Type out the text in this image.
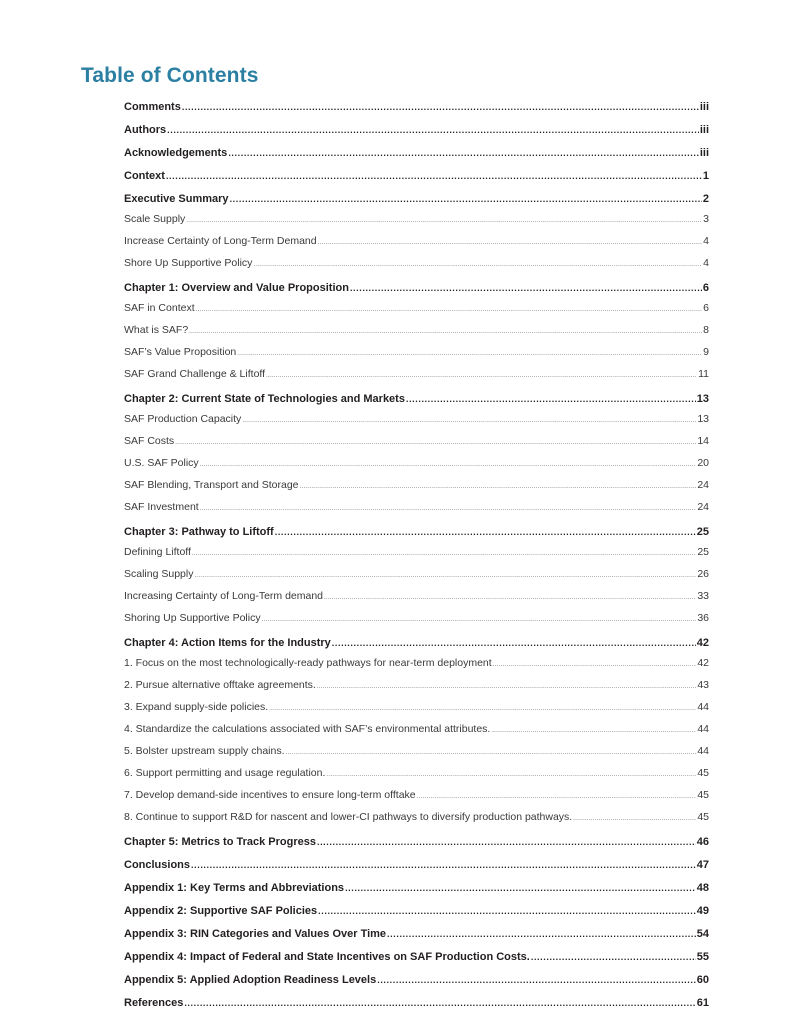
Table of Contents
Comments .....	iii
Authors .....	iii
Acknowledgements .....	iii
Context .....	1
Executive Summary .....	2
Scale Supply .....	3
Increase Certainty of Long-Term Demand .....	4
Shore Up Supportive Policy .....	4
Chapter 1: Overview and Value Proposition .....	6
SAF in Context .....	6
What is SAF? .....	8
SAF’s Value Proposition .....	9
SAF Grand Challenge & Liftoff .....	11
Chapter 2: Current State of Technologies and Markets .....	13
SAF Production Capacity .....	13
SAF Costs .....	14
U.S. SAF Policy .....	20
SAF Blending, Transport and Storage .....	24
SAF Investment .....	24
Chapter 3: Pathway to Liftoff .....	25
Defining Liftoff .....	25
Scaling Supply .....	26
Increasing Certainty of Long-Term demand .....	33
Shoring Up Supportive Policy .....	36
Chapter 4: Action Items for the Industry .....	42
1. Focus on the most technologically-ready pathways for near-term deployment .....	42
2. Pursue alternative offtake agreements. .....	43
3. Expand supply-side policies. .....	44
4. Standardize the calculations associated with SAF’s environmental attributes. .....	44
5. Bolster upstream supply chains. .....	44
6. Support permitting and usage regulation. .....	45
7. Develop demand-side incentives to ensure long-term offtake .....	45
8. Continue to support R&D for nascent and lower-CI pathways to diversify production pathways. .....	45
Chapter 5: Metrics to Track Progress .....	46
Conclusions .....	47
Appendix 1: Key Terms and Abbreviations .....	48
Appendix 2: Supportive SAF Policies .....	49
Appendix 3: RIN Categories and Values Over Time .....	54
Appendix 4: Impact of Federal and State Incentives on SAF Production Costs. .....	55
Appendix 5: Applied Adoption Readiness Levels .....	60
References .....	61
